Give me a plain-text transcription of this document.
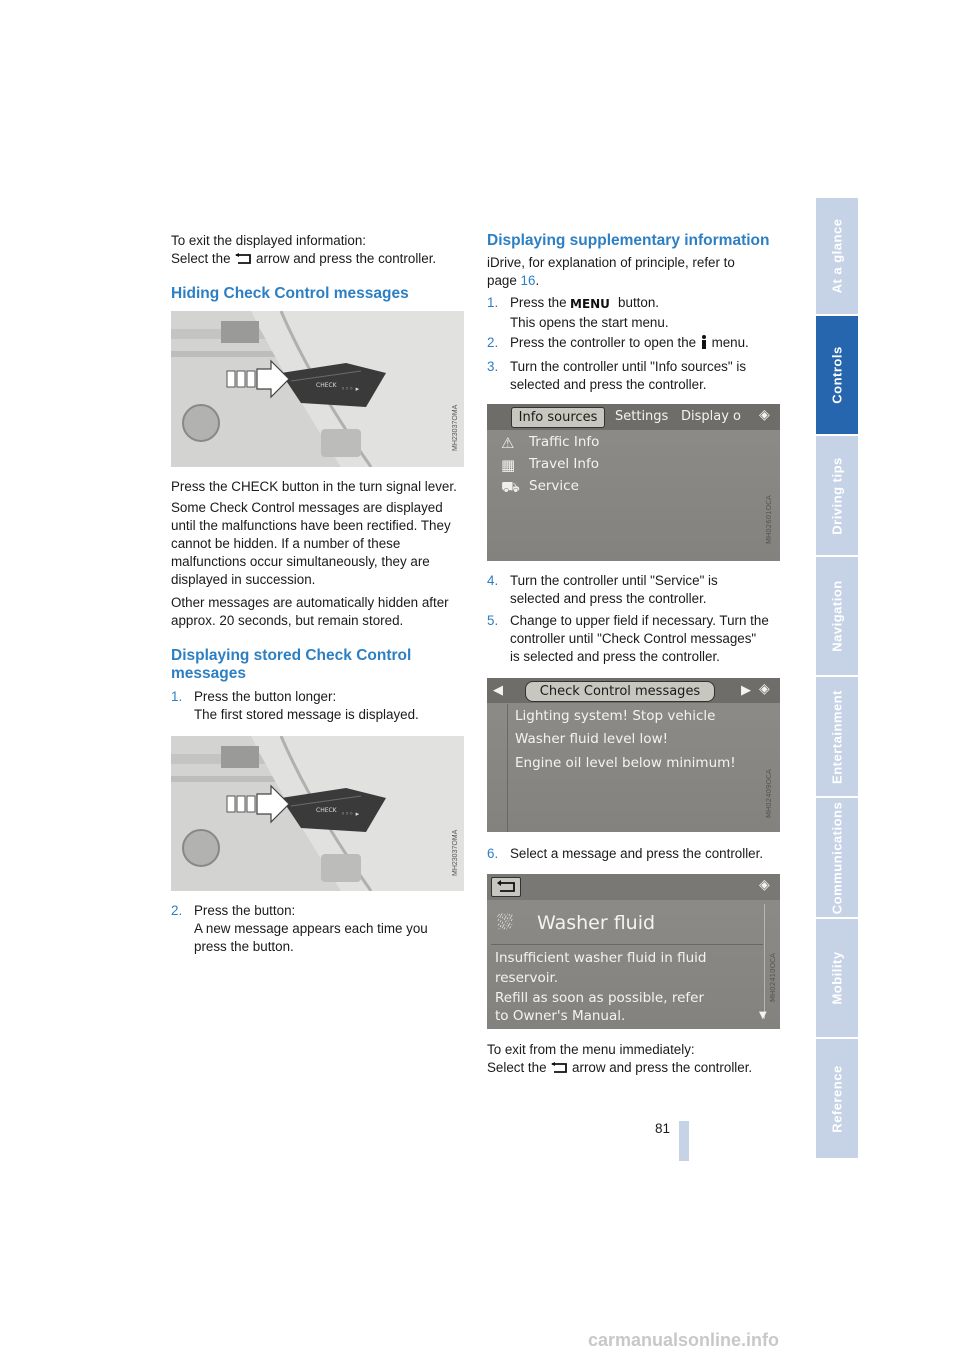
At a glance
Controls
Driving tips
Navigation
Entertainment
Communications
Mobility
Reference
81

To exit the displayed information:

Select the arrow and press the controller.

Hiding Check Control messages
CHECK ◦◦◦ ▸
MH23037OMA

Press the CHECK button in the turn signal lever.

Some Check Control messages are displayed until the malfunctions have been rectified. They cannot be hidden. If a number of these malfunctions occur simultaneously, they are displayed in succession.

Other messages are automatically hidden after approx. 20 seconds, but remain stored.

Displaying stored Check Control
messages
1. Press the button longer:
The first stored message is displayed.
CHECK ◦◦◦ ▸
MH23037OMA
2. Press the button:
A new message appears each time you
press the button.
Displaying supplementary information

iDrive, for explanation of principle, refer to

page 16.

1. Press the MENU button.
This opens the start menu.
2. Press the controller to open the menu.
3. Turn the controller until "Info sources" is
selected and press the controller.
Info sources	Settings Display o ◈
⚠ Traffic Info
▦ Travel Info
⛟ Service
MH02601OCA
4. Turn the controller until "Service" is
selected and press the controller.
5. Change to upper field if necessary. Turn the
controller until "Check Control messages"
is selected and press the controller.
◀	Check Control messages	▶ ◈
Lighting system! Stop vehicle
Washer fluid level low!
Engine oil level below minimum!
MH02409OCA
6. Select a message and press the controller.
◈
⛆ Washer fluid
Insufficient washer fluid in fluid
reservoir.
Refill as soon as possible, refer
to Owner's Manual.	▼
MH02410OCA

To exit from the menu immediately:

Select the arrow and press the controller.

carmanualsonline.info
